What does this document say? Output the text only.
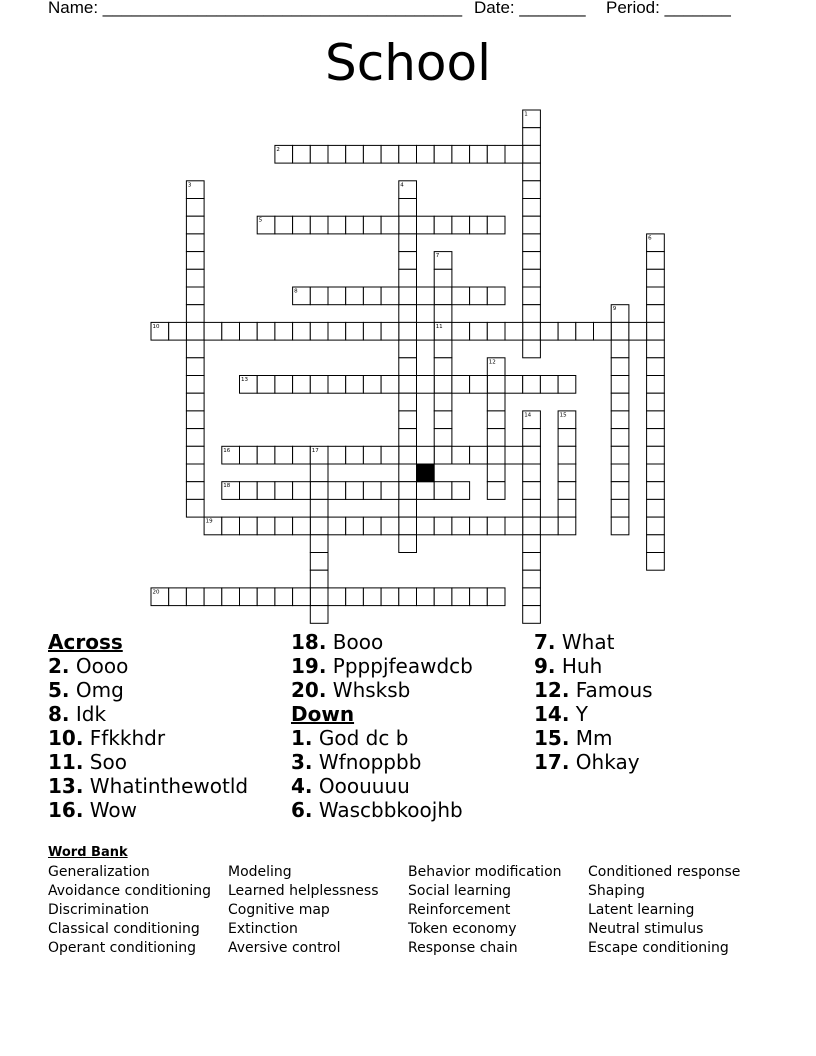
Name: ______________________________________ Date: _______ Period: _______
School
1
2
3	4
5
6
7
8
9
10	11
12
13
14	15
16	17
18
19
20
Across
2. Oooo
5. Omg
8. Idk
10. Ffkkhdr
11. Soo
13. Whatinthewotld
16. Wow
18. Booo
19. Ppppjfeawdcb
20. Whsksb
Down
1. God dc b
3. Wfnoppbb
4. Ooouuuu
6. Wascbbkoojhb
7. What
9. Huh
12. Famous
14. Y
15. Mm
17. Ohkay
Word Bank
Generalization
Avoidance conditioning
Discrimination
Classical conditioning
Operant conditioning
Modeling
Learned helplessness
Cognitive map
Extinction
Aversive control
Behavior modification
Social learning
Reinforcement
Token economy
Response chain
Conditioned response
Shaping
Latent learning
Neutral stimulus
Escape conditioning
